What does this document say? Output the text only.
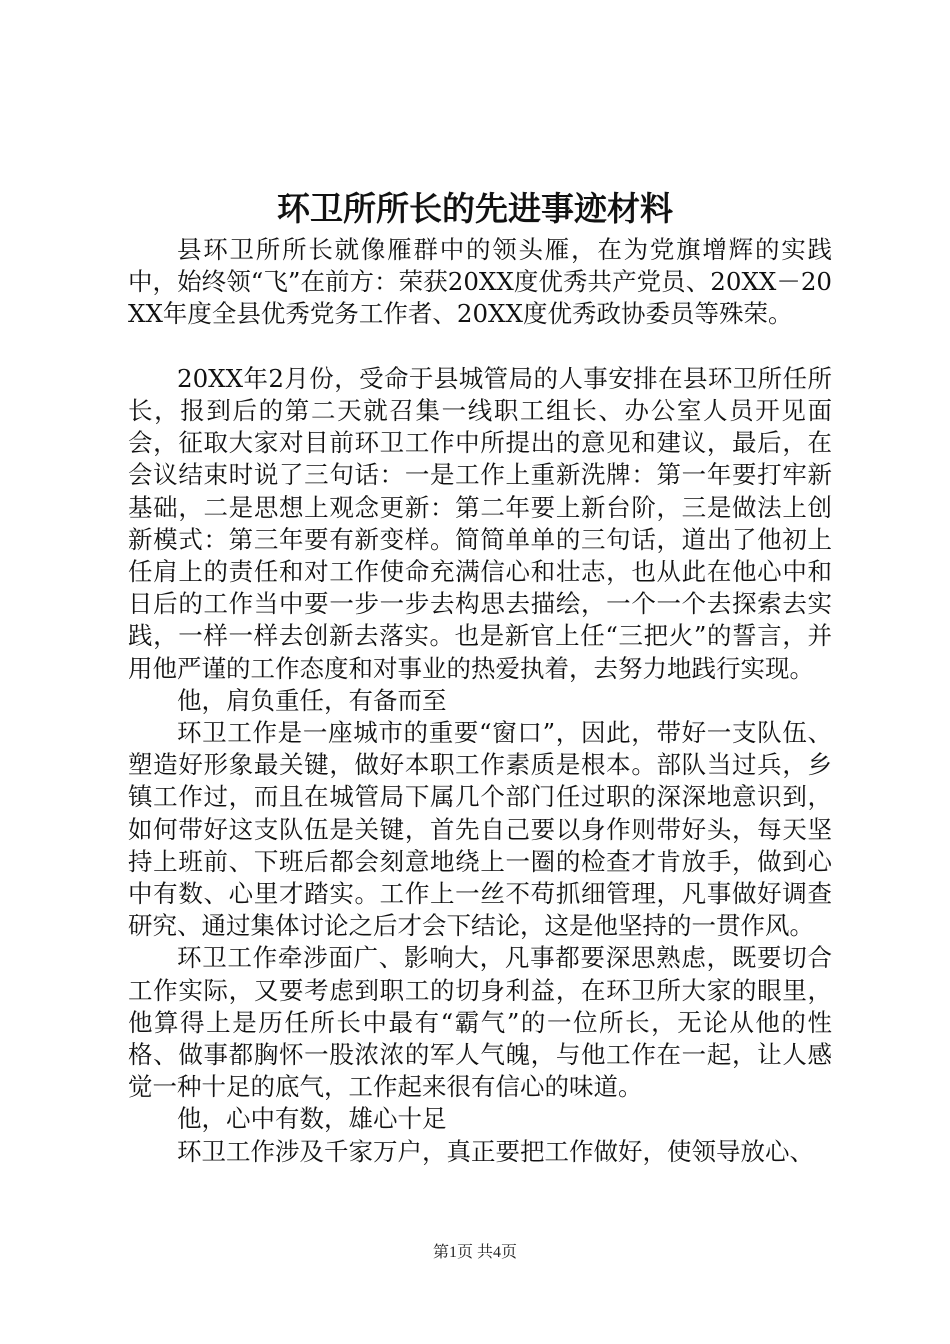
环卫所所长的先进事迹材料

县环卫所所长就像雁群中的领头雁，在为党旗增辉的实践中，始终领“飞”在前方：荣获20XX度优秀共产党员、20XX－20XX年度全县优秀党务工作者、20XX度优秀政协委员等殊荣。

20XX年2月份，受命于县城管局的人事安排在县环卫所任所长，报到后的第二天就召集一线职工组长、办公室人员开见面会，征取大家对目前环卫工作中所提出的意见和建议，最后，在会议结束时说了三句话：一是工作上重新洗牌：第一年要打牢新基础，二是思想上观念更新：第二年要上新台阶，三是做法上创新模式：第三年要有新变样。简简单单的三句话，道出了他初上任肩上的责任和对工作使命充满信心和壮志，也从此在他心中和日后的工作当中要一步一步去构思去描绘，一个一个去探索去实践，一样一样去创新去落实。也是新官上任“三把火”的誓言，并用他严谨的工作态度和对事业的热爱执着，去努力地践行实现。

他，肩负重任，有备而至

环卫工作是一座城市的重要“窗口”，因此，带好一支队伍、塑造好形象最关键，做好本职工作素质是根本。部队当过兵，乡镇工作过，而且在城管局下属几个部门任过职的深深地意识到，如何带好这支队伍是关键，首先自己要以身作则带好头，每天坚持上班前、下班后都会刻意地绕上一圈的检查才肯放手，做到心中有数、心里才踏实。工作上一丝不苟抓细管理，凡事做好调查研究、通过集体讨论之后才会下结论，这是他坚持的一贯作风。

环卫工作牵涉面广、影响大，凡事都要深思熟虑，既要切合工作实际，又要考虑到职工的切身利益，在环卫所大家的眼里，他算得上是历任所长中最有“霸气”的一位所长，无论从他的性格、做事都胸怀一股浓浓的军人气魄，与他工作在一起，让人感觉一种十足的底气，工作起来很有信心的味道。

他，心中有数，雄心十足

环卫工作涉及千家万户，真正要把工作做好，使领导放心、

第1页 共4页
